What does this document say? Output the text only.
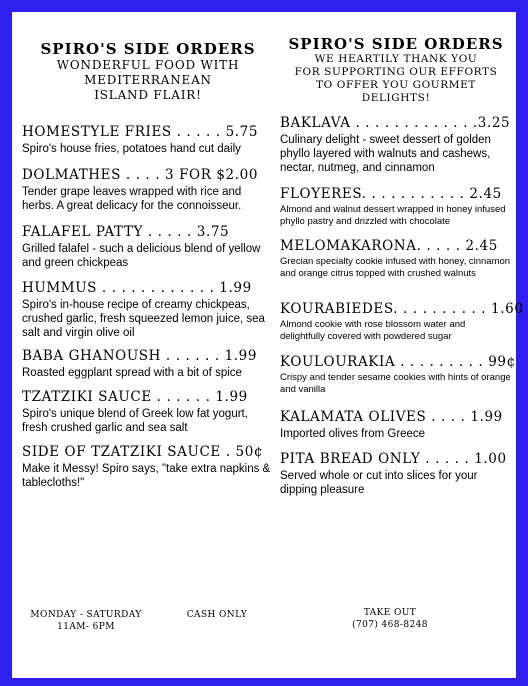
SPIRO'S SIDE ORDERS
WONDERFUL FOOD WITH
MEDITERRANEAN
ISLAND FLAIR!
HOMESTYLE FRIES . . . . . 5.75
Spiro's house fries, potatoes hand cut daily
DOLMATHES . . . . 3 FOR $2.00
Tender grape leaves wrapped with rice and herbs. A great delicacy for the connoisseur.
FALAFEL PATTY . . . . . 3.75
Grilled falafel - such a delicious blend of yellow and green chickpeas
HUMMUS . . . . . . . . . . . . 1.99
Spiro's in-house recipe of creamy chickpeas, crushed garlic, fresh squeezed lemon juice, sea salt and virgin olive oil
BABA GHANOUSH . . . . . . 1.99
Roasted eggplant spread with a bit of spice
TZATZIKI SAUCE . . . . . . 1.99
Spiro's unique blend of Greek low fat yogurt, fresh crushed garlic and sea salt
SIDE OF TZATZIKI SAUCE . 50¢
Make it Messy! Spiro says, "take extra napkins & tablecloths!"
SPIRO'S SIDE ORDERS
WE HEARTILY THANK YOU
FOR SUPPORTING OUR EFFORTS
TO OFFER YOU GOURMET DELIGHTS!
BAKLAVA . . . . . . . . . . . . .3.25
Culinary delight - sweet dessert of golden phyllo layered with walnuts and cashews, nectar, nutmeg, and cinnamon
FLOYERES. . . . . . . . . . . 2.45
Almond and walnut dessert wrapped in honey infused phyllo pastry and drizzled with chocolate
MELOMAKARONA. . . . . 2.45
Grecian specialty cookie infused with honey, cinnamon and orange citrus topped with crushed walnuts
KOURABIEDES. . . . . . . . . . 1.60
Almond cookie with rose blossom water and delightfully covered with powdered sugar
KOULOURAKIA . . . . . . . . . 99¢
Crispy and tender sesame cookies with hints of orange and vanilla
KALAMATA OLIVES . . . . 1.99
Imported olives from Greece
PITA BREAD ONLY . . . . . 1.00
Served whole or cut into slices for your dipping pleasure
MONDAY - SATURDAY
11AM- 6PM
CASH ONLY	TAKE OUT
(707) 468-8248
